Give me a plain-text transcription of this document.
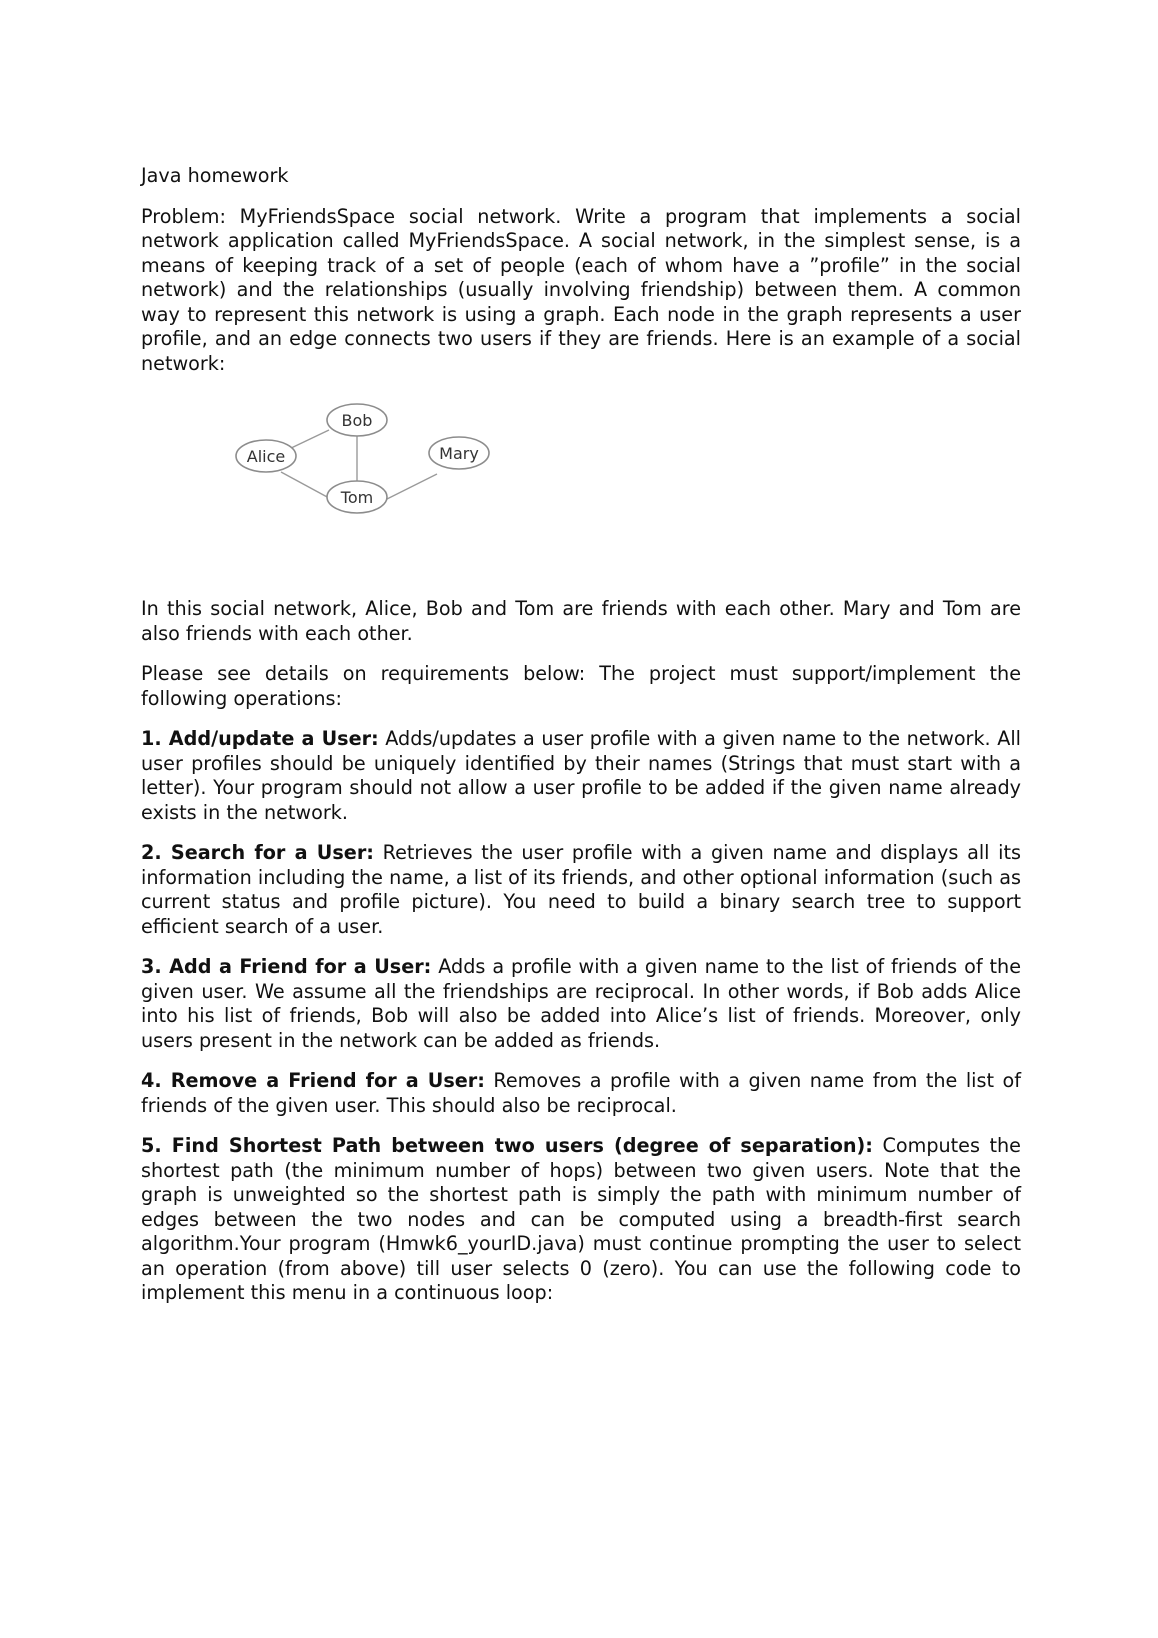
Java homework

Problem: MyFriendsSpace social network. Write a program that implements a social network application called MyFriendsSpace. A social network, in the simplest sense, is a means of keeping track of a set of people (each of whom have a ”profile” in the social network) and the relationships (usually involving friendship) between them. A common way to represent this network is using a graph. Each node in the graph represents a user profile, and an edge connects two users if they are friends. Here is an example of a social network:

Bob
Alice	Mary
Tom

In this social network, Alice, Bob and Tom are friends with each other. Mary and Tom are also friends with each other.

Please see details on requirements below: The project must support/implement the following operations:

1. Add/update a User: Adds/updates a user profile with a given name to the network. All user profiles should be uniquely identified by their names (Strings that must start with a letter). Your program should not allow a user profile to be added if the given name already exists in the network.

2. Search for a User: Retrieves the user profile with a given name and displays all its information including the name, a list of its friends, and other optional information (such as current status and profile picture). You need to build a binary search tree to support efficient search of a user.

3. Add a Friend for a User: Adds a profile with a given name to the list of friends of the given user. We assume all the friendships are reciprocal. In other words, if Bob adds Alice into his list of friends, Bob will also be added into Alice’s list of friends. Moreover, only users present in the network can be added as friends.

4. Remove a Friend for a User: Removes a profile with a given name from the list of friends of the given user. This should also be reciprocal.

5. Find Shortest Path between two users (degree of separation): Computes the shortest path (the minimum number of hops) between two given users. Note that the graph is unweighted so the shortest path is simply the path with minimum number of edges between the two nodes and can be computed using a breadth-first search algorithm.Your program (Hmwk6_yourID.java) must continue prompting the user to select an operation (from above) till user selects 0 (zero). You can use the following code to implement this menu in a continuous loop:
